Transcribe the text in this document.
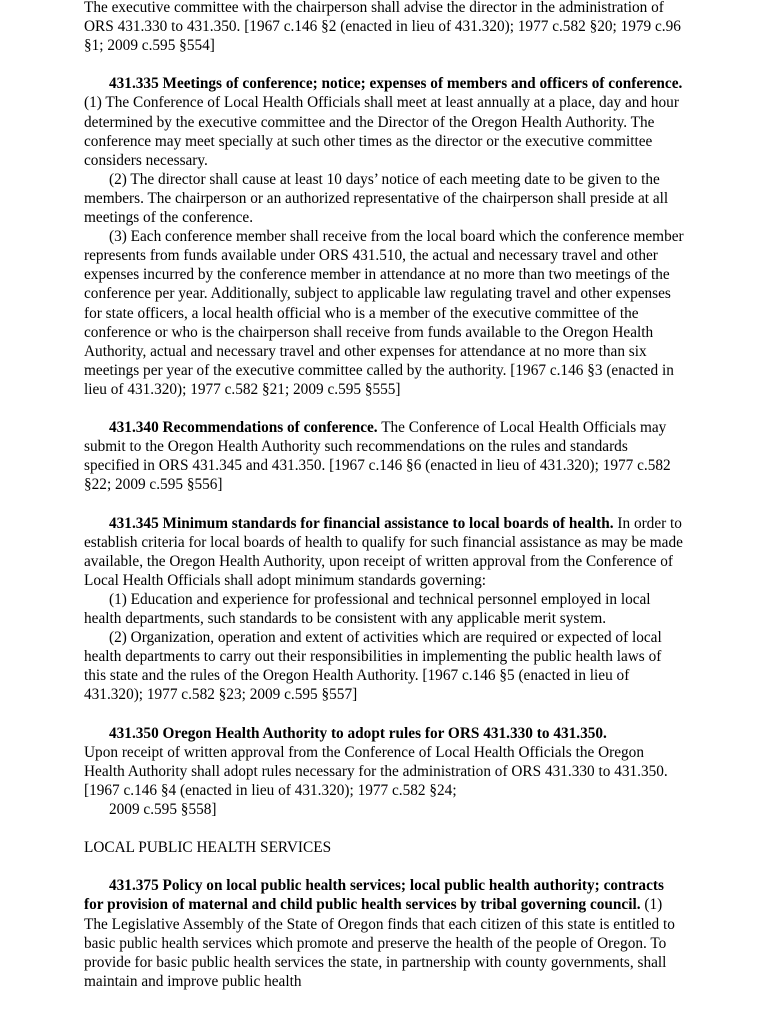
The executive committee with the chairperson shall advise the director in the administration of ORS 431.330 to 431.350. [1967 c.146 §2 (enacted in lieu of 431.320); 1977 c.582 §20; 1979 c.96 §1; 2009 c.595 §554]

431.335 Meetings of conference; notice; expenses of members and officers of conference. (1) The Conference of Local Health Officials shall meet at least annually at a place, day and hour determined by the executive committee and the Director of the Oregon Health Authority. The conference may meet specially at such other times as the director or the executive committee considers necessary.

(2) The director shall cause at least 10 days’ notice of each meeting date to be given to the members. The chairperson or an authorized representative of the chairperson shall preside at all meetings of the conference.

(3) Each conference member shall receive from the local board which the conference member represents from funds available under ORS 431.510, the actual and necessary travel and other expenses incurred by the conference member in attendance at no more than two meetings of the conference per year. Additionally, subject to applicable law regulating travel and other expenses for state officers, a local health official who is a member of the executive committee of the conference or who is the chairperson shall receive from funds available to the Oregon Health Authority, actual and necessary travel and other expenses for attendance at no more than six meetings per year of the executive committee called by the authority. [1967 c.146 §3 (enacted in lieu of 431.320); 1977 c.582 §21; 2009 c.595 §555]

431.340 Recommendations of conference. The Conference of Local Health Officials may submit to the Oregon Health Authority such recommendations on the rules and standards specified in ORS 431.345 and 431.350. [1967 c.146 §6 (enacted in lieu of 431.320); 1977 c.582 §22; 2009 c.595 §556]

431.345 Minimum standards for financial assistance to local boards of health. In order to establish criteria for local boards of health to qualify for such financial assistance as may be made available, the Oregon Health Authority, upon receipt of written approval from the Conference of Local Health Officials shall adopt minimum standards governing:

(1) Education and experience for professional and technical personnel employed in local health departments, such standards to be consistent with any applicable merit system.

(2) Organization, operation and extent of activities which are required or expected of local health departments to carry out their responsibilities in implementing the public health laws of this state and the rules of the Oregon Health Authority. [1967 c.146 §5 (enacted in lieu of 431.320); 1977 c.582 §23; 2009 c.595 §557]

431.350 Oregon Health Authority to adopt rules for ORS 431.330 to 431.350.

Upon receipt of written approval from the Conference of Local Health Officials the Oregon Health Authority shall adopt rules necessary for the administration of ORS 431.330 to 431.350. [1967 c.146 §4 (enacted in lieu of 431.320); 1977 c.582 §24;

2009 c.595 §558]

LOCAL PUBLIC HEALTH SERVICES

431.375 Policy on local public health services; local public health authority; contracts for provision of maternal and child public health services by tribal governing council. (1) The Legislative Assembly of the State of Oregon finds that each citizen of this state is entitled to basic public health services which promote and preserve the health of the people of Oregon. To provide for basic public health services the state, in partnership with county governments, shall maintain and improve public health
